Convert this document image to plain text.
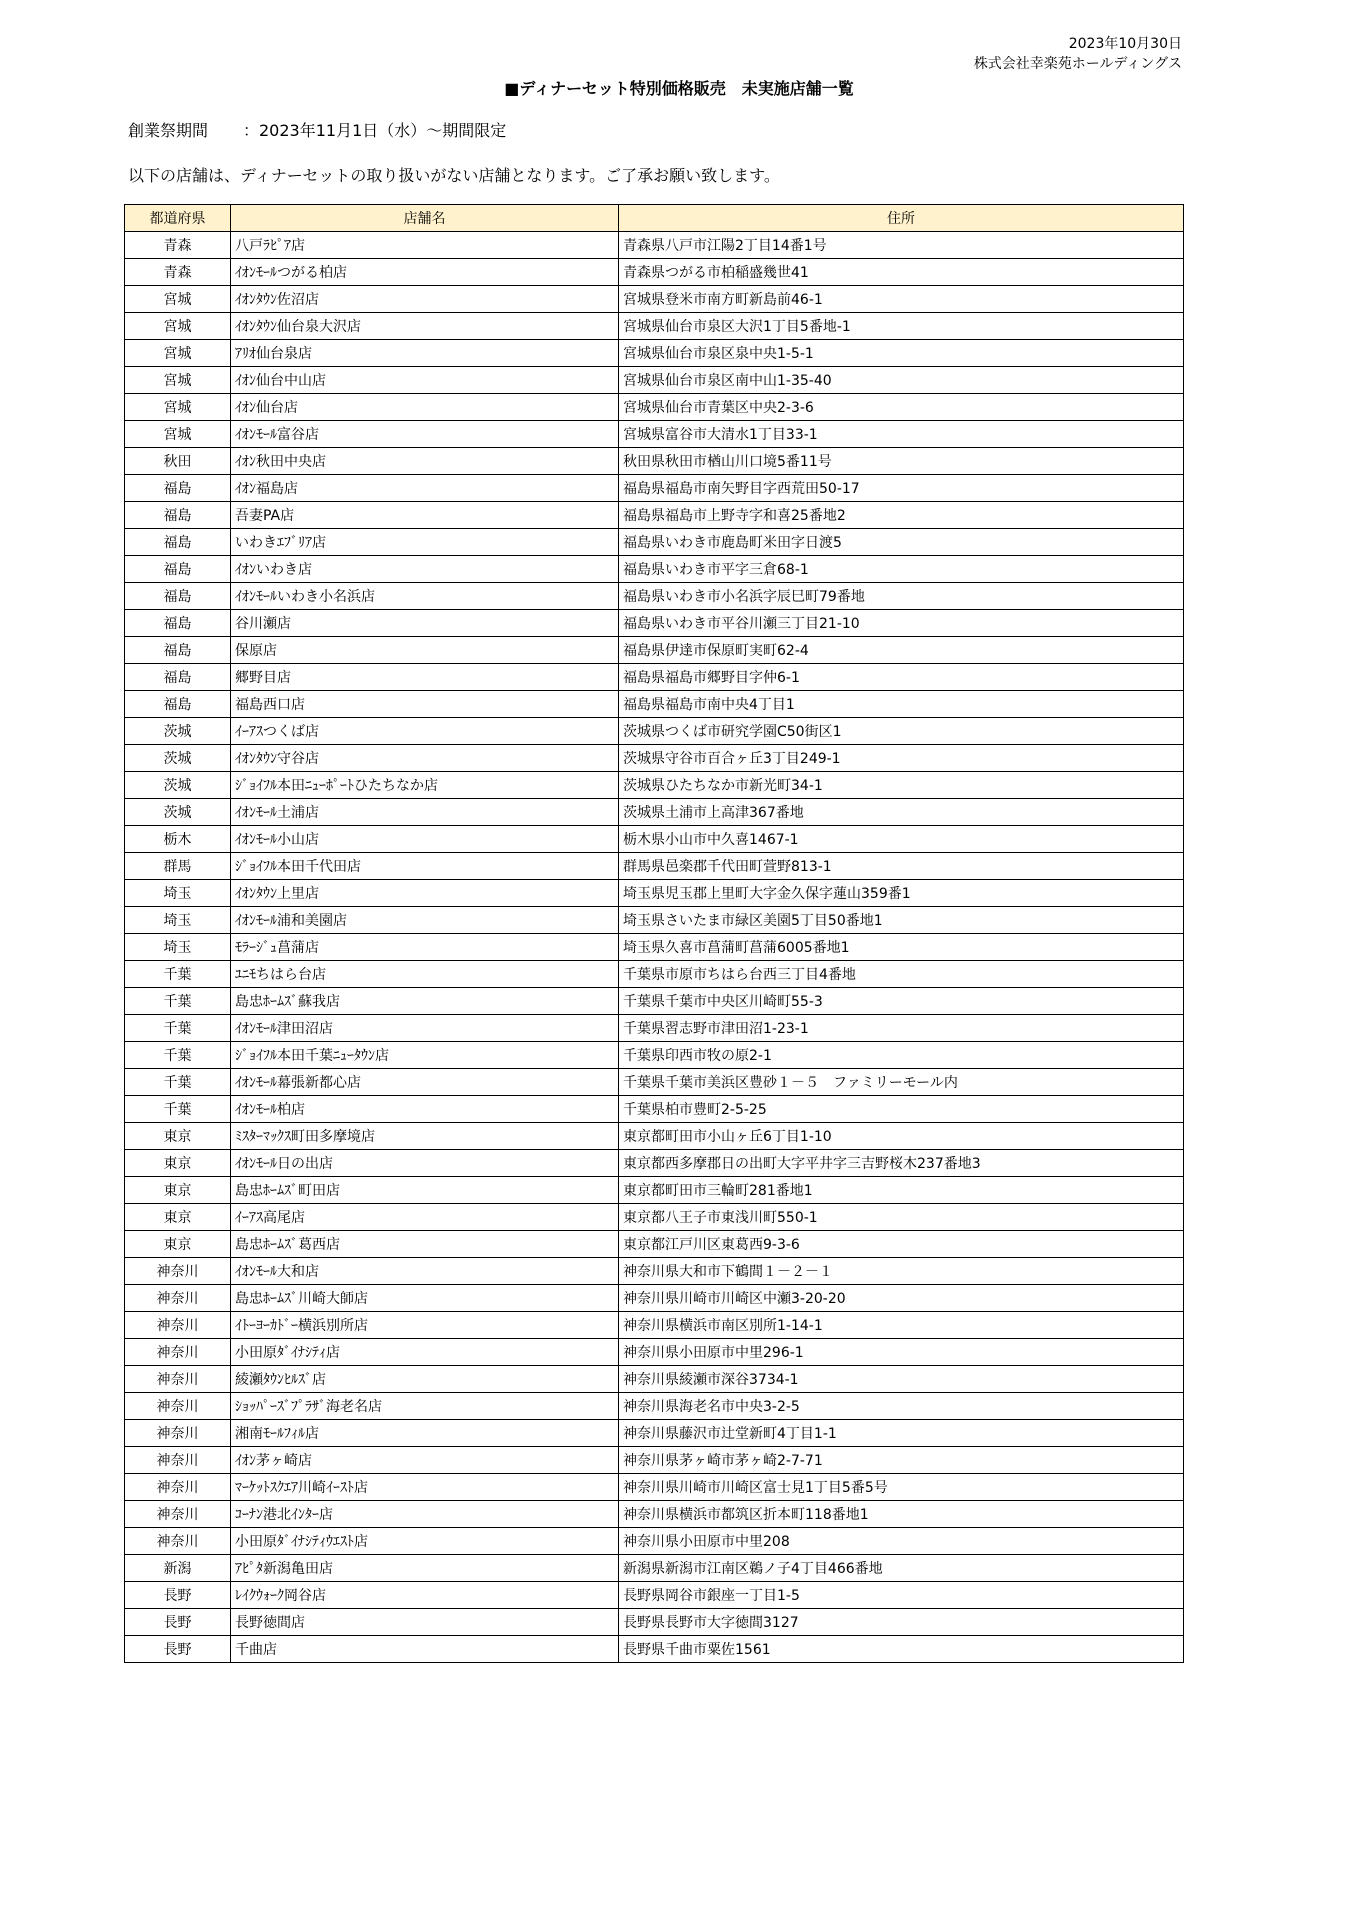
2023年10月30日
株式会社幸楽苑ホールディングス
■ディナーセット特別価格販売　未実施店舗一覧
創業祭期間 ：2023年11月1日（水）～期間限定
以下の店舗は、ディナーセットの取り扱いがない店舗となります。ご了承お願い致します。
都道府県	店舗名	住所
青森	八戸ﾗﾋﾟｱ店	青森県八戸市江陽2丁目14番1号
青森	ｲｵﾝﾓｰﾙつがる柏店	青森県つがる市柏稲盛幾世41
宮城	ｲｵﾝﾀｳﾝ佐沼店	宮城県登米市南方町新島前46-1
宮城	ｲｵﾝﾀｳﾝ仙台泉大沢店	宮城県仙台市泉区大沢1丁目5番地-1
宮城	ｱﾘｵ仙台泉店	宮城県仙台市泉区泉中央1-5-1
宮城	ｲｵﾝ仙台中山店	宮城県仙台市泉区南中山1-35-40
宮城	ｲｵﾝ仙台店	宮城県仙台市青葉区中央2-3-6
宮城	ｲｵﾝﾓｰﾙ富谷店	宮城県富谷市大清水1丁目33-1
秋田	ｲｵﾝ秋田中央店	秋田県秋田市楢山川口境5番11号
福島	ｲｵﾝ福島店	福島県福島市南矢野目字西荒田50-17
福島	吾妻PA店	福島県福島市上野寺字和喜25番地2
福島	いわきｴﾌﾞﾘｱ店	福島県いわき市鹿島町米田字日渡5
福島	ｲｵﾝいわき店	福島県いわき市平字三倉68-1
福島	ｲｵﾝﾓｰﾙいわき小名浜店	福島県いわき市小名浜字辰巳町79番地
福島	谷川瀬店	福島県いわき市平谷川瀬三丁目21-10
福島	保原店	福島県伊達市保原町実町62-4
福島	郷野目店	福島県福島市郷野目字仲6-1
福島	福島西口店	福島県福島市南中央4丁目1
茨城	ｲｰｱｽつくば店	茨城県つくば市研究学園C50街区1
茨城	ｲｵﾝﾀｳﾝ守谷店	茨城県守谷市百合ヶ丘3丁目249-1
茨城	ｼﾞｮｲﾌﾙ本田ﾆｭｰﾎﾟｰﾄひたちなか店	茨城県ひたちなか市新光町34-1
茨城	ｲｵﾝﾓｰﾙ土浦店	茨城県土浦市上高津367番地
栃木	ｲｵﾝﾓｰﾙ小山店	栃木県小山市中久喜1467-1
群馬	ｼﾞｮｲﾌﾙ本田千代田店	群馬県邑楽郡千代田町萱野813-1
埼玉	ｲｵﾝﾀｳﾝ上里店	埼玉県児玉郡上里町大字金久保字蓮山359番1
埼玉	ｲｵﾝﾓｰﾙ浦和美園店	埼玉県さいたま市緑区美園5丁目50番地1
埼玉	ﾓﾗｰｼﾞｭ菖蒲店	埼玉県久喜市菖蒲町菖蒲6005番地1
千葉	ﾕﾆﾓちはら台店	千葉県市原市ちはら台西三丁目4番地
千葉	島忠ﾎｰﾑｽﾞ蘇我店	千葉県千葉市中央区川崎町55-3
千葉	ｲｵﾝﾓｰﾙ津田沼店	千葉県習志野市津田沼1-23-1
千葉	ｼﾞｮｲﾌﾙ本田千葉ﾆｭｰﾀｳﾝ店	千葉県印西市牧の原2-1
千葉	ｲｵﾝﾓｰﾙ幕張新都心店	千葉県千葉市美浜区豊砂１－５　ファミリーモール内
千葉	ｲｵﾝﾓｰﾙ柏店	千葉県柏市豊町2-5-25
東京	ﾐｽﾀｰﾏｯｸｽ町田多摩境店	東京都町田市小山ヶ丘6丁目1-10
東京	ｲｵﾝﾓｰﾙ日の出店	東京都西多摩郡日の出町大字平井字三吉野桜木237番地3
東京	島忠ﾎｰﾑｽﾞ町田店	東京都町田市三輪町281番地1
東京	ｲｰｱｽ高尾店	東京都八王子市東浅川町550-1
東京	島忠ﾎｰﾑｽﾞ葛西店	東京都江戸川区東葛西9-3-6
神奈川	ｲｵﾝﾓｰﾙ大和店	神奈川県大和市下鶴間１－２－１
神奈川	島忠ﾎｰﾑｽﾞ川崎大師店	神奈川県川崎市川崎区中瀬3-20-20
神奈川	ｲﾄｰﾖｰｶﾄﾞｰ横浜別所店	神奈川県横浜市南区別所1-14-1
神奈川	小田原ﾀﾞｲﾅｼﾃｨ店	神奈川県小田原市中里296-1
神奈川	綾瀬ﾀｳﾝﾋﾙｽﾞ店	神奈川県綾瀬市深谷3734-1
神奈川	ｼｮｯﾊﾟｰｽﾞﾌﾟﾗｻﾞ海老名店	神奈川県海老名市中央3-2-5
神奈川	湘南ﾓｰﾙﾌｨﾙ店	神奈川県藤沢市辻堂新町4丁目1-1
神奈川	ｲｵﾝ茅ヶ崎店	神奈川県茅ヶ崎市茅ヶ崎2-7-71
神奈川	ﾏｰｹｯﾄｽｸｴｱ川崎ｲｰｽﾄ店	神奈川県川崎市川崎区富士見1丁目5番5号
神奈川	ｺｰﾅﾝ港北ｲﾝﾀｰ店	神奈川県横浜市都筑区折本町118番地1
神奈川	小田原ﾀﾞｲﾅｼﾃｨｳｴｽﾄ店	神奈川県小田原市中里208
新潟	ｱﾋﾟﾀ新潟亀田店	新潟県新潟市江南区鵜ノ子4丁目466番地
長野	ﾚｲｸｳｫｰｸ岡谷店	長野県岡谷市銀座一丁目1-5
長野	長野徳間店	長野県長野市大字徳間3127
長野	千曲店	長野県千曲市粟佐1561
